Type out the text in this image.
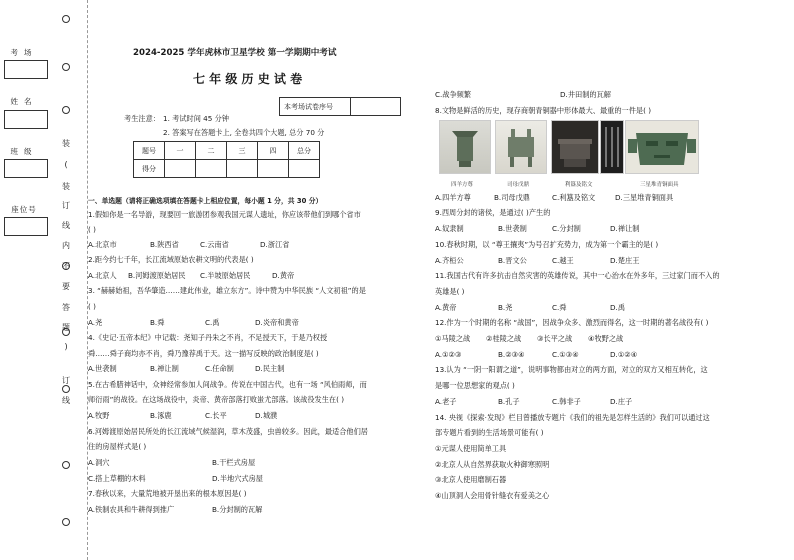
装
(
装
订
线
内
不
要
答
题
)
订
线
考场
姓名
班级
座位号
2024-2025 学年虎林市卫星学校 第一学期期中考试
七 年 级 历 史 试 卷
本考场试卷序号
考生注意： 1. 考试时间 45 分钟
2. 答案写在答题卡上, 全卷共四个大题, 总分 70 分
题号	一	二	三	四	总分
得分					
一、单选题（请将正确选项填在答题卡上相应位置，每小题 1 分，共 30 分）
1.假如你是一名导游，现要回一旅游团参观我国元谋人遗址，你应该带他们到哪个省市
( )
A.北京市	B.陕西省	C.云南省	D.浙江省
2.距今约七千年，长江流域原始农耕文明的代表是( )
A.北京人 B.河姆渡原始居民 C.半坡原始居民	D.黄帝
3. “赫赫始祖，吾华肇造……建此伟业，雄立东方”。诗中赞为中华民族 “人文初祖”的是
( )
A.尧	B.舜	C.禹	D.炎帝和黄帝
4.《史记·五帝本纪》中记载：尧知子丹朱之不肖，不足授天下，于是乃权授
舜……舜子商均亦不肖，舜乃豫荐禹于天。这一描写反映的政治制度是( )
A.世袭制	B.禅让制	C.任命制	D.民主制
5.在古希腊神话中，众神经常参加人间战争。传说在中国古代，也有一场 “风伯雨师，而
师衍雨”的战役。在这场战役中，炎帝、黄帝部落打败蚩尤部落。该战役发生在( )
A.牧野	B.涿鹿	C.长平	D.城濮
6.河姆渡原始居民所处的长江流域气候湿润，草木茂盛，虫兽较多。因此，最适合他们居
住的房屋样式是( )
A.洞穴	B.干栏式房屋
C.搭上草棚的木料	D.半地穴式房屋
7.春秋以来，大量荒地被开垦出来的根本原因是( )
A.铁制农具和牛耕得到推广	B.分封制的瓦解
C.战争频繁	D.井田制的瓦解
8.文物是鲜活的历史，现存商朝青铜器中形体最大、最重的一件是( )
四羊方尊	司母戊鼎	利簋及铭文	三星堆青铜面具
A.四羊方尊	B.司母戊鼎	C.利簋及铭文	D.三星堆青铜面具
9.西周分封的诸侯，是通过( )产生的
A.奴隶制	B.世袭制	C.分封制	D.禅让制
10.春秋时期，以 “尊王攘夷”为号召扩充势力，成为第一个霸主的是( )
A.齐桓公	B.晋文公	C.越王	D.楚庄王
11.我国古代有许多抗击自然灾害的英雄传说，其中一心治水在外多年，三过家门而不入的
英雄是( )
A.黄帝	B.尧	C.舜	D.禹
12.作为一个时期的名称 “战国”，因战争众多、激烈而得名，这一时期的著名战役有( )
①马陵之战 ②桂陵之战 ③长平之战 ④牧野之战
A.①②③	B.②③④	C.①③④	D.①②④
13.认为 “一阴一阳谓之道”，说明事物都由对立的两方面，对立的双方又相互转化，这
是哪一位思想家的观点( )
A.老子	B.孔子	C.韩非子	D.庄子
14. 央视《探索·发现》栏目曾播放专题片《我们的祖先是怎样生活的》我们可以通过这
部专题片看到的生活场景可能有( )
①元谋人使用简单工具
②北京人从自然界获取火种御寒照明
③北京人使用磨制石器
④山顶洞人会用骨针缝衣有爱美之心
